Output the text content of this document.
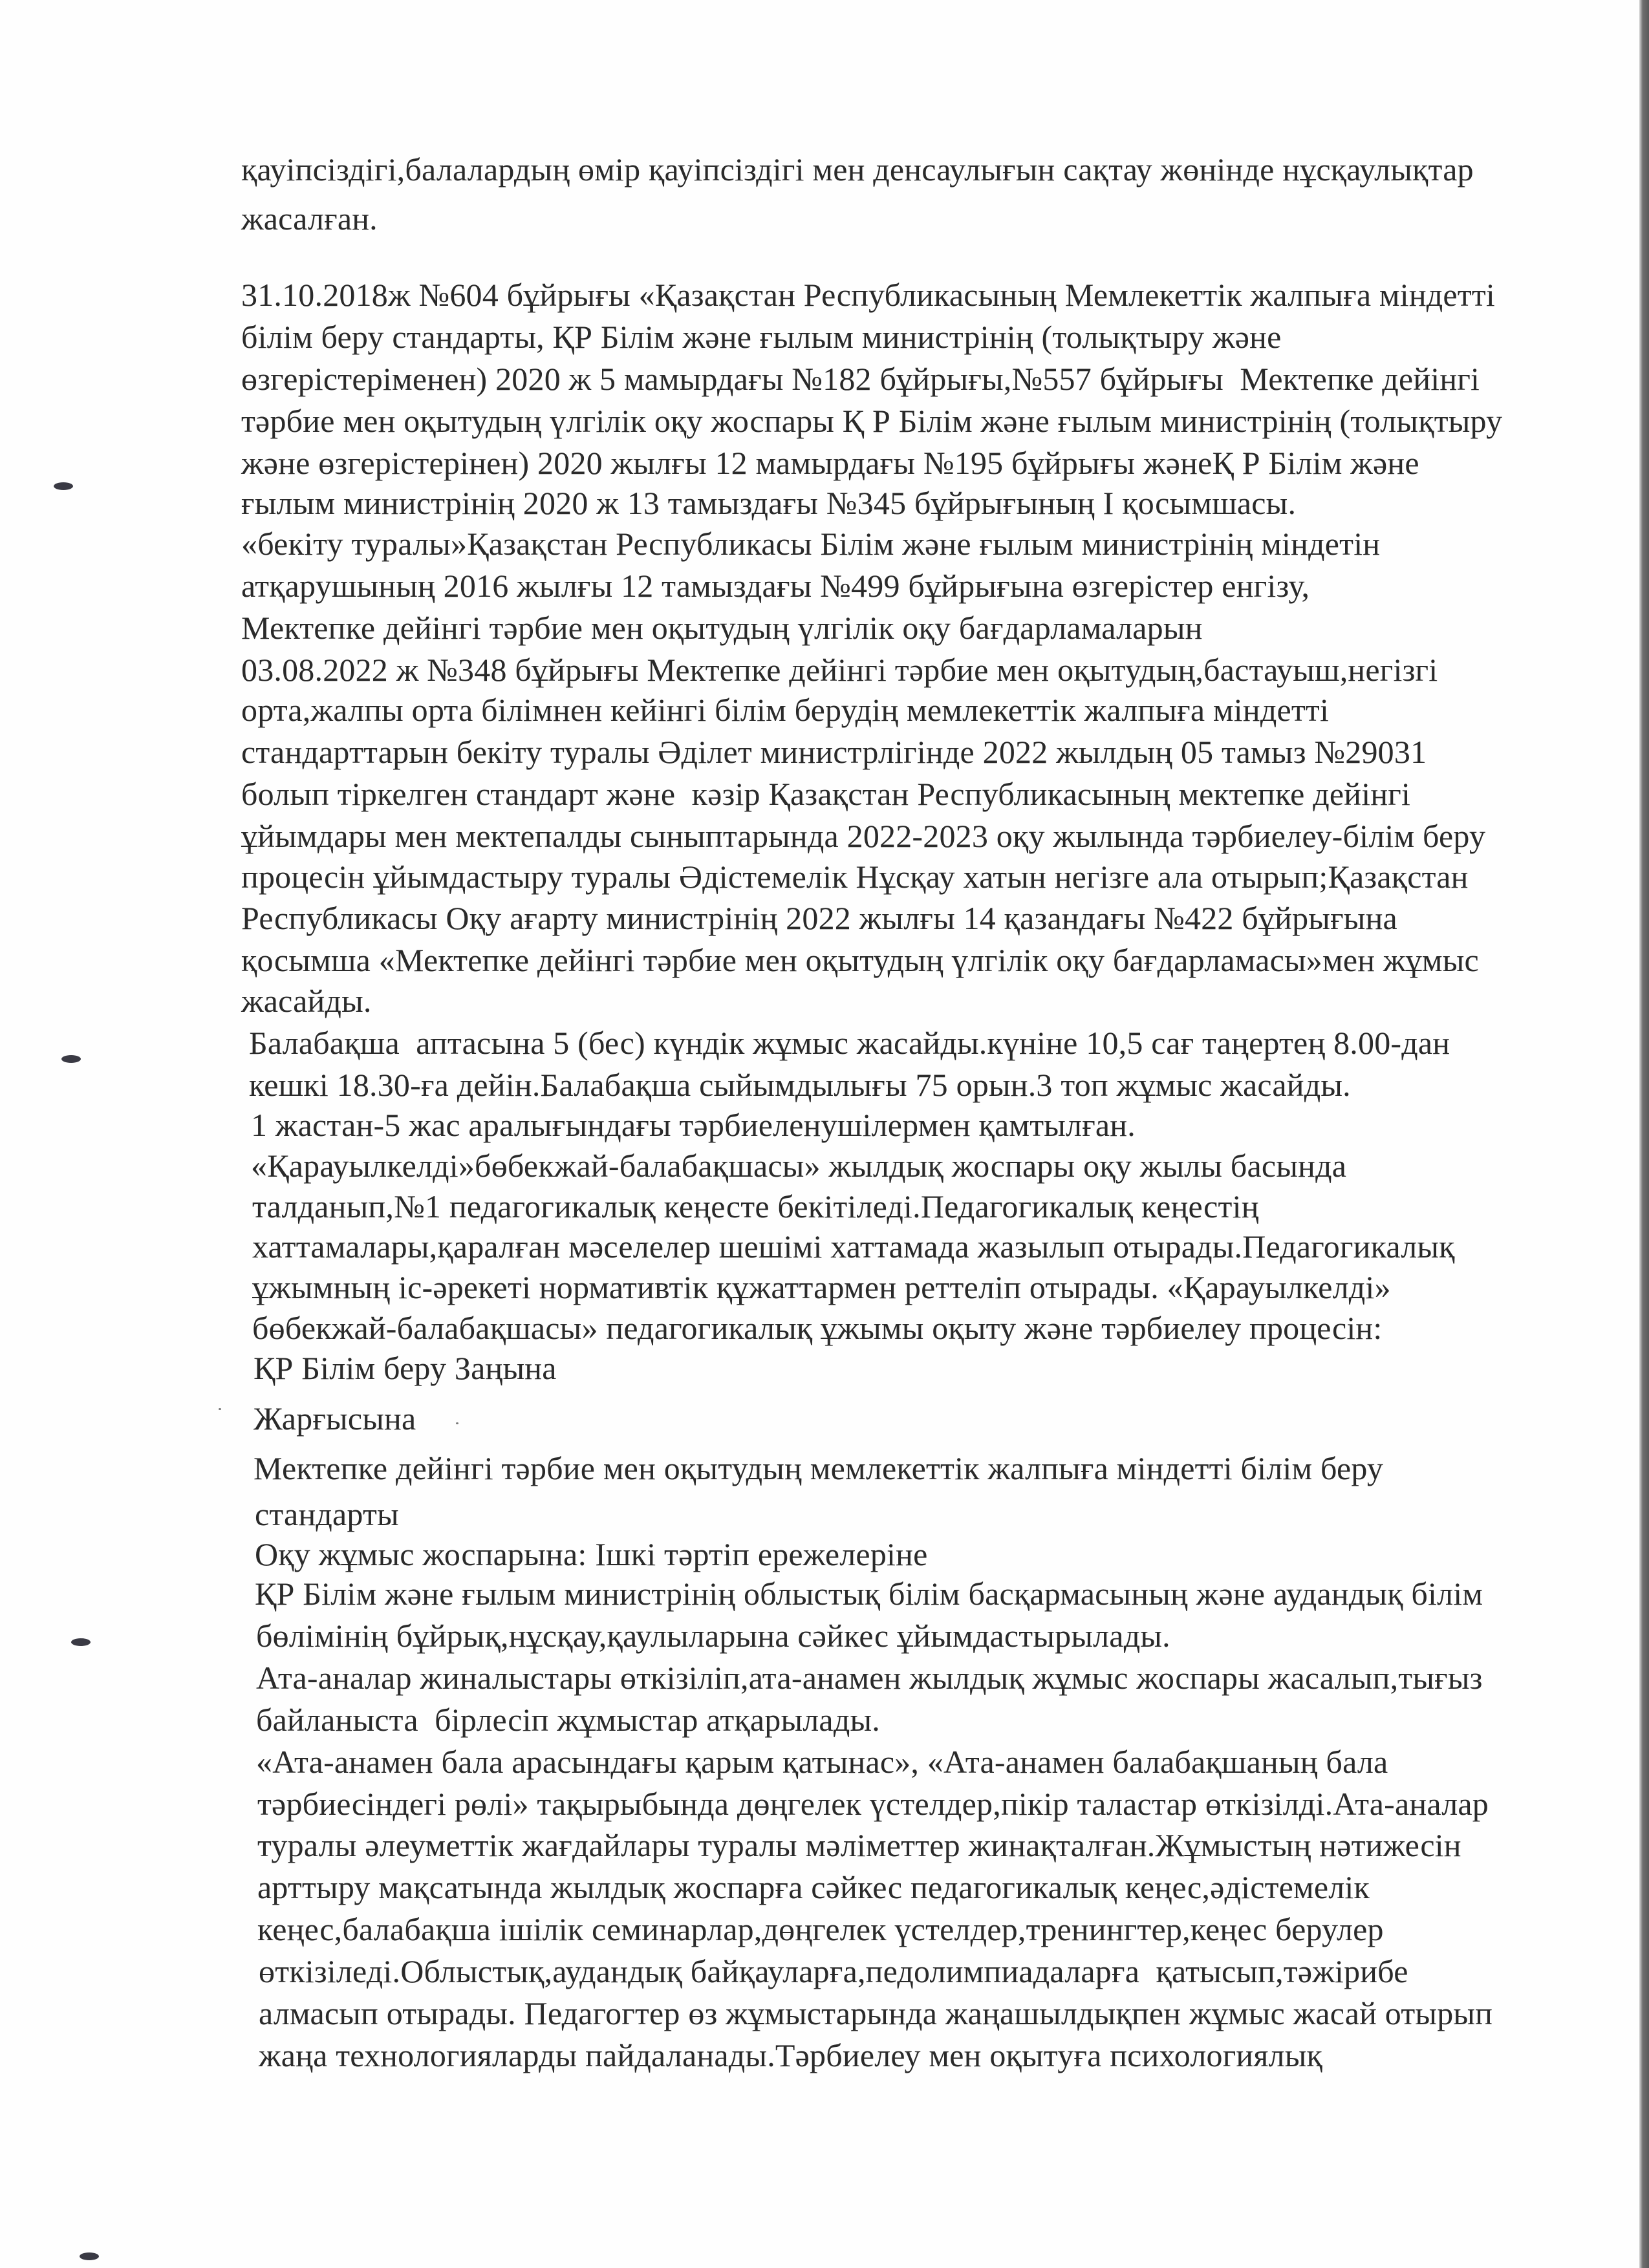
қауіпсіздігі,балалардың өмір қауіпсіздігі мен денсаулығын сақтау жөнінде нұсқаулықтар
жасалған.
31.10.2018ж №604 бұйрығы «Қазақстан Республикасының Мемлекеттік жалпыға міндетті
білім беру стандарты, ҚР Білім және ғылым министрінің (толықтыру және
өзгерістеріменен) 2020 ж 5 мамырдағы №182 бұйрығы,№557 бұйрығы  Мектепке дейінгі
тәрбие мен оқытудың үлгілік оқу жоспары Қ Р Білім және ғылым министрінің (толықтыру
және өзгерістерінен) 2020 жылғы 12 мамырдағы №195 бұйрығы жәнеҚ Р Білім және
ғылым министрінің 2020 ж 13 тамыздағы №345 бұйрығының І қосымшасы.
«бекіту туралы»Қазақстан Республикасы Білім және ғылым министрінің міндетін
атқарушының 2016 жылғы 12 тамыздағы №499 бұйрығына өзгерістер енгізу,
Мектепке дейінгі тәрбие мен оқытудың үлгілік оқу бағдарламаларын
03.08.2022 ж №348 бұйрығы Мектепке дейінгі тәрбие мен оқытудың,бастауыш,негізгі
орта,жалпы орта білімнен кейінгі білім берудің мемлекеттік жалпыға міндетті
стандарттарын бекіту туралы Әділет министрлігінде 2022 жылдың 05 тамыз №29031
болып тіркелген стандарт және  кәзір Қазақстан Республикасының мектепке дейінгі
ұйымдары мен мектепалды сыныптарында 2022-2023 оқу жылында тәрбиелеу-білім беру
процесін ұйымдастыру туралы Әдістемелік Нұсқау хатын негізге ала отырып;Қазақстан
Республикасы Оқу ағарту министрінің 2022 жылғы 14 қазандағы №422 бұйрығына
қосымша «Мектепке дейінгі тәрбие мен оқытудың үлгілік оқу бағдарламасы»мен жұмыс
жасайды.
Балабақша  аптасына 5 (бес) күндік жұмыс жасайды.күніне 10,5 сағ таңертең 8.00-дан
кешкі 18.30-ға дейін.Балабақша сыйымдылығы 75 орын.3 топ жұмыс жасайды.
1 жастан-5 жас аралығындағы тәрбиеленушілермен қамтылған.
«Қарауылкелді»бөбекжай-балабақшасы» жылдық жоспары оқу жылы басында
талданып,№1 педагогикалық кеңесте бекітіледі.Педагогикалық кеңестің
хаттамалары,қаралған мәселелер шешімі хаттамада жазылып отырады.Педагогикалық
ұжымның іс-әрекеті нормативтік құжаттармен реттеліп отырады. «Қарауылкелді»
бөбекжай-балабақшасы» педагогикалық ұжымы оқыту және тәрбиелеу процесін:
ҚР Білім беру Заңына
Жарғысына
Мектепке дейінгі тәрбие мен оқытудың мемлекеттік жалпыға міндетті білім беру
стандарты
Оқу жұмыс жоспарына: Ішкі тәртіп ережелеріне
ҚР Білім және ғылым министрінің облыстық білім басқармасының және аудандық білім
бөлімінің бұйрық,нұсқау,қаулыларына сәйкес ұйымдастырылады.
Ата-аналар жиналыстары өткізіліп,ата-анамен жылдық жұмыс жоспары жасалып,тығыз
байланыста  бірлесіп жұмыстар атқарылады.
«Ата-анамен бала арасындағы қарым қатынас», «Ата-анамен балабақшаның бала
тәрбиесіндегі рөлі» тақырыбында дөңгелек үстелдер,пікір таластар өткізілді.Ата-аналар
туралы әлеуметтік жағдайлары туралы мәліметтер жинақталған.Жұмыстың нәтижесін
арттыру мақсатында жылдық жоспарға сәйкес педагогикалық кеңес,әдістемелік
кеңес,балабақша ішілік семинарлар,дөңгелек үстелдер,тренингтер,кеңес берулер
өткізіледі.Облыстық,аудандық байқауларға,педолимпиадаларға  қатысып,тәжірибе
алмасып отырады. Педагогтер өз жұмыстарында жаңашылдықпен жұмыс жасай отырып
жаңа технологияларды пайдаланады.Тәрбиелеу мен оқытуға психологиялық
